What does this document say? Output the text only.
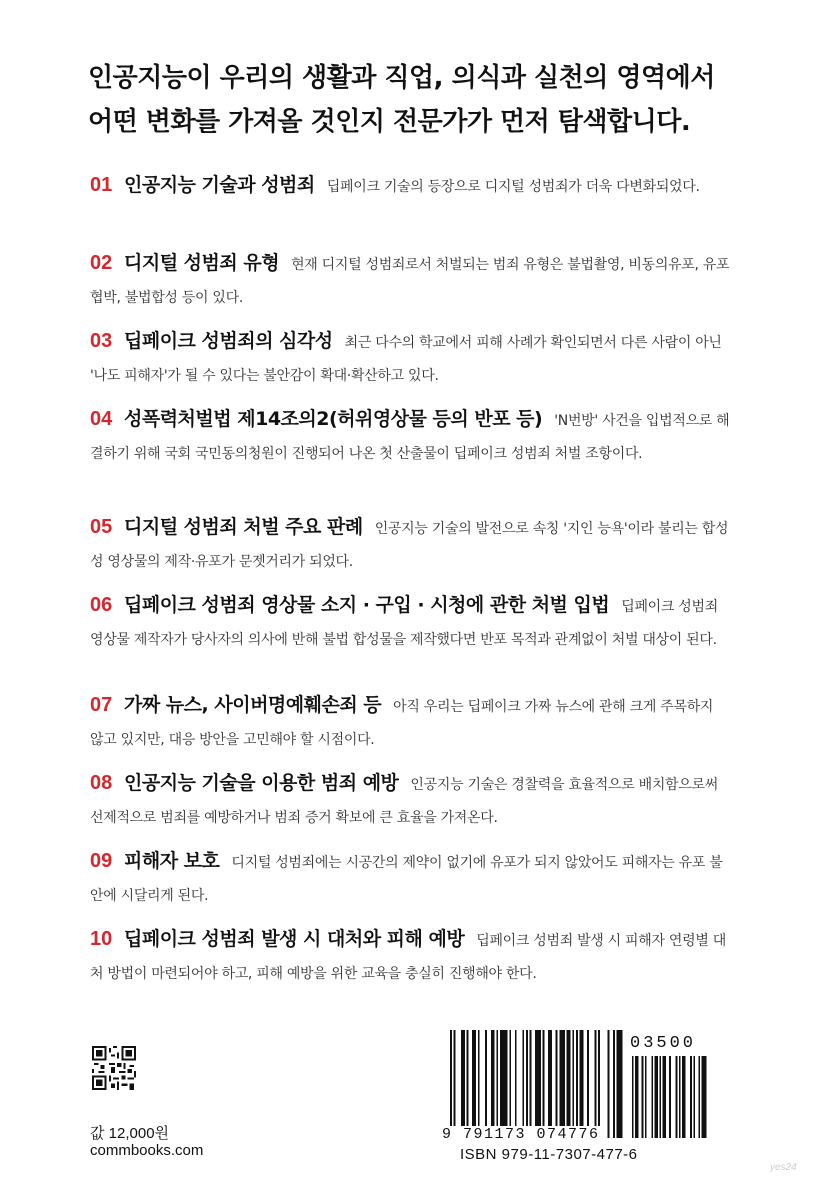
인공지능이 우리의 생활과 직업, 의식과 실천의 영역에서
어떤 변화를 가져올 것인지 전문가가 먼저 탐색합니다.
01 인공지능 기술과 성범죄 딥페이크 기술의 등장으로 디지털 성범죄가 더욱 다변화되었다.
02 디지털 성범죄 유형 현재 디지털 성범죄로서 처벌되는 범죄 유형은 불법촬영, 비동의유포, 유포협박, 불법합성 등이 있다.
03 딥페이크 성범죄의 심각성 최근 다수의 학교에서 피해 사례가 확인되면서 다른 사람이 아닌 '나도 피해자'가 될 수 있다는 불안감이 확대·확산하고 있다.
04 성폭력처벌법 제14조의2(허위영상물 등의 반포 등) 'N번방' 사건을 입법적으로 해결하기 위해 국회 국민동의청원이 진행되어 나온 첫 산출물이 딥페이크 성범죄 처벌 조항이다.
05 디지털 성범죄 처벌 주요 판례 인공지능 기술의 발전으로 속칭 '지인 능욕'이라 불리는 합성 성 영상물의 제작·유포가 문젯거리가 되었다.
06 딥페이크 성범죄 영상물 소지 · 구입 · 시청에 관한 처벌 입법 딥페이크 성범죄 영상물 제작자가 당사자의 의사에 반해 불법 합성물을 제작했다면 반포 목적과 관계없이 처벌 대상이 된다.
07 가짜 뉴스, 사이버명예훼손죄 등 아직 우리는 딥페이크 가짜 뉴스에 관해 크게 주목하지 않고 있지만, 대응 방안을 고민해야 할 시점이다.
08 인공지능 기술을 이용한 범죄 예방 인공지능 기술은 경찰력을 효율적으로 배치함으로써 선제적으로 범죄를 예방하거나 범죄 증거 확보에 큰 효율을 가져온다.
09 피해자 보호 디지털 성범죄에는 시공간의 제약이 없기에 유포가 되지 않았어도 피해자는 유포 불안에 시달리게 된다.
10 딥페이크 성범죄 발생 시 대처와 피해 예방 딥페이크 성범죄 발생 시 피해자 연령별 대처 방법이 마련되어야 하고, 피해 예방을 위한 교육을 충실히 진행해야 한다.
값 12,000원
commbooks.com
03500
9 791173 074776
ISBN 979-11-7307-477-6
yes24
